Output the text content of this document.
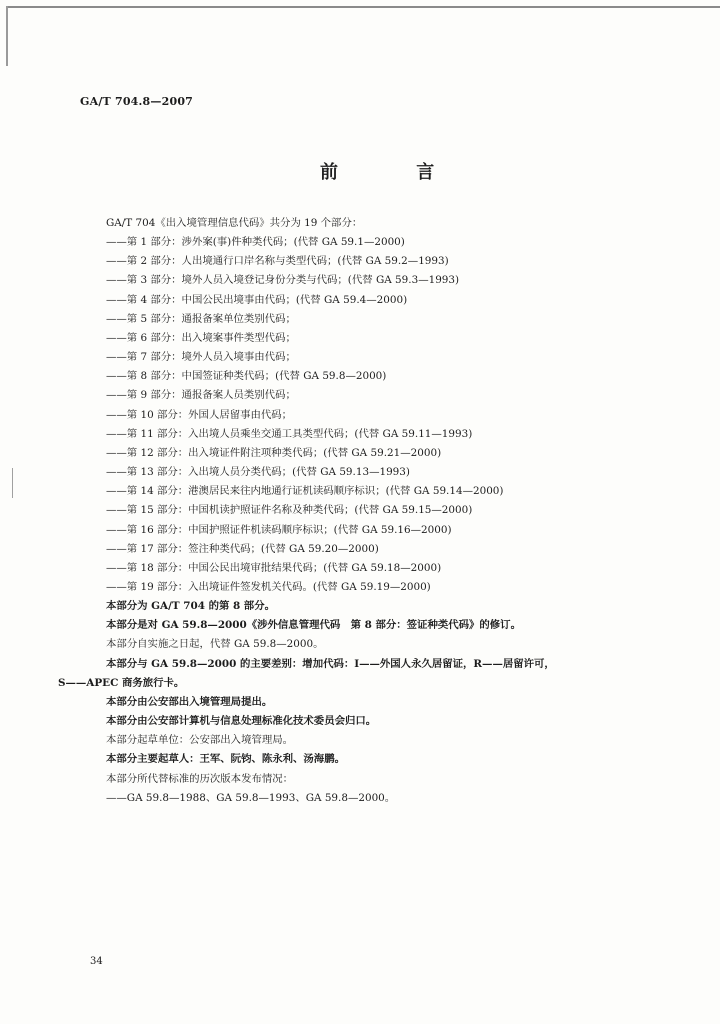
GA/T 704.8—2007
前 言

GA/T 704《出入境管理信息代码》共分为 19 个部分：

——第 1 部分：涉外案(事)件种类代码；(代替 GA 59.1—2000)

——第 2 部分：人出境通行口岸名称与类型代码；(代替 GA 59.2—1993)

——第 3 部分：境外人员入境登记身份分类与代码；(代替 GA 59.3—1993)

——第 4 部分：中国公民出境事由代码；(代替 GA 59.4—2000)

——第 5 部分：通报备案单位类别代码；

——第 6 部分：出入境案事件类型代码；

——第 7 部分：境外人员入境事由代码；

——第 8 部分：中国签证种类代码；(代替 GA 59.8—2000)

——第 9 部分：通报备案人员类别代码；

——第 10 部分：外国人居留事由代码；

——第 11 部分：入出境人员乘坐交通工具类型代码；(代替 GA 59.11—1993)

——第 12 部分：出入境证件附注项种类代码；(代替 GA 59.21—2000)

——第 13 部分：入出境人员分类代码；(代替 GA 59.13—1993)

——第 14 部分：港澳居民来往内地通行证机读码顺序标识；(代替 GA 59.14—2000)

——第 15 部分：中国机读护照证件名称及种类代码；(代替 GA 59.15—2000)

——第 16 部分：中国护照证件机读码顺序标识；(代替 GA 59.16—2000)

——第 17 部分：签注种类代码；(代替 GA 59.20—2000)

——第 18 部分：中国公民出境审批结果代码；(代替 GA 59.18—2000)

——第 19 部分：入出境证件签发机关代码。(代替 GA 59.19—2000)

本部分为 GA/T 704 的第 8 部分。

本部分是对 GA 59.8—2000《涉外信息管理代码　第 8 部分：签证种类代码》的修订。

本部分自实施之日起，代替 GA 59.8—2000。

本部分与 GA 59.8—2000 的主要差别：增加代码：I——外国人永久居留证，R——居留许可，

S——APEC 商务旅行卡。

本部分由公安部出入境管理局提出。

本部分由公安部计算机与信息处理标准化技术委员会归口。

本部分起草单位：公安部出入境管理局。

本部分主要起草人：王军、阮钧、陈永利、汤海鹏。

本部分所代替标准的历次版本发布情况：

——GA 59.8—1988、GA 59.8—1993、GA 59.8—2000。

34
